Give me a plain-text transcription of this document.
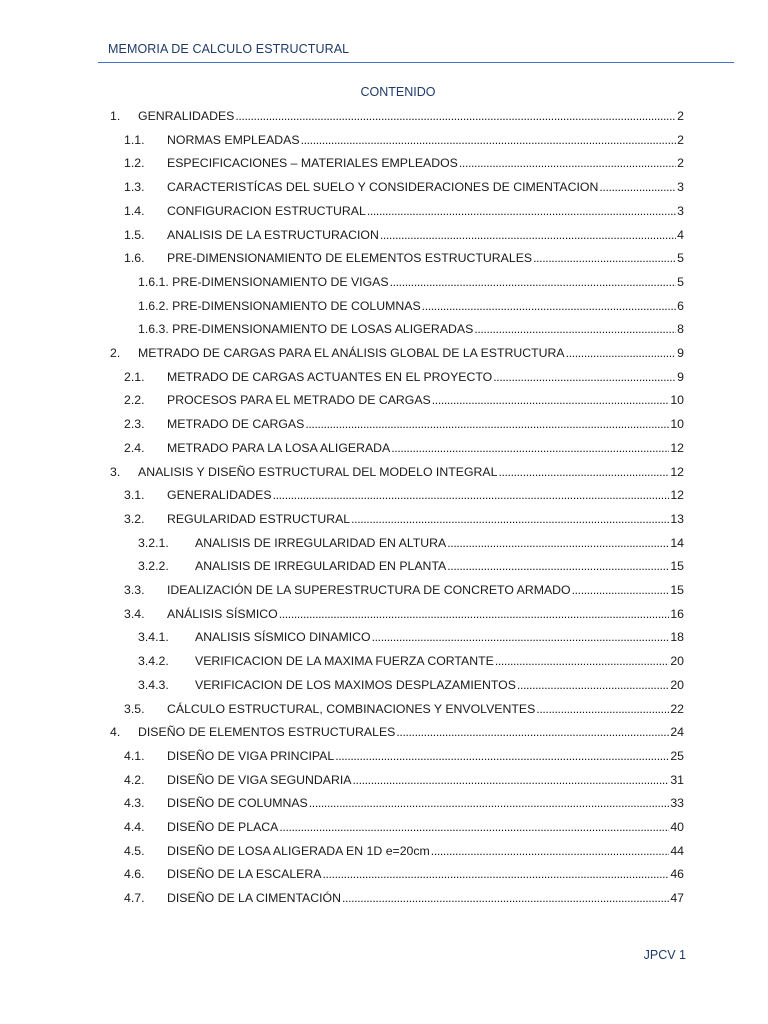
MEMORIA DE CALCULO ESTRUCTURAL
CONTENIDO
1.	GENRALIDADES . . .	2
1.1.	NORMAS EMPLEADAS . . .	2
1.2.	ESPECIFICACIONES – MATERIALES EMPLEADOS . . .	2
1.3.	CARACTERISTÍCAS DEL SUELO Y CONSIDERACIONES DE CIMENTACION . . .	3
1.4.	CONFIGURACION ESTRUCTURAL . . .	3
1.5.	ANALISIS DE LA ESTRUCTURACION . . .	4
1.6.	PRE-DIMENSIONAMIENTO DE ELEMENTOS ESTRUCTURALES . . .	5
1.6.1. PRE-DIMENSIONAMIENTO DE VIGAS . . .	5
1.6.2. PRE-DIMENSIONAMIENTO DE COLUMNAS . . .	6
1.6.3. PRE-DIMENSIONAMIENTO DE LOSAS ALIGERADAS . . .	8
2.	METRADO DE CARGAS PARA EL ANÁLISIS GLOBAL DE LA ESTRUCTURA . . .	9
2.1.	METRADO DE CARGAS ACTUANTES EN EL PROYECTO . . .	9
2.2.	PROCESOS PARA EL METRADO DE CARGAS . . .	10
2.3.	METRADO DE CARGAS . . .	10
2.4.	METRADO PARA LA LOSA ALIGERADA . . .	12
3.	ANALISIS Y DISEÑO ESTRUCTURAL DEL MODELO INTEGRAL . . .	12
3.1.	GENERALIDADES . . .	12
3.2.	REGULARIDAD ESTRUCTURAL . . .	13
3.2.1.	ANALISIS DE IRREGULARIDAD EN ALTURA . . .	14
3.2.2.	ANALISIS DE IRREGULARIDAD EN PLANTA . . .	15
3.3.	IDEALIZACIÓN DE LA SUPERESTRUCTURA DE CONCRETO ARMADO . . .	15
3.4.	ANÁLISIS SÍSMICO . . .	16
3.4.1.	ANALISIS SÍSMICO DINAMICO . . .	18
3.4.2.	VERIFICACION DE LA MAXIMA FUERZA CORTANTE . . .	20
3.4.3.	VERIFICACION DE LOS MAXIMOS DESPLAZAMIENTOS . . .	20
3.5.	CÁLCULO ESTRUCTURAL, COMBINACIONES Y ENVOLVENTES . . .	22
4.	DISEÑO DE ELEMENTOS ESTRUCTURALES . . .	24
4.1.	DISEÑO DE VIGA PRINCIPAL . . .	25
4.2.	DISEÑO DE VIGA SEGUNDARIA . . .	31
4.3.	DISEÑO DE COLUMNAS . . .	33
4.4.	DISEÑO DE PLACA . . .	40
4.5.	DISEÑO DE LOSA ALIGERADA EN 1D e=20cm . . .	44
4.6.	DISEÑO DE LA ESCALERA . . .	46
4.7.	DISEÑO DE LA CIMENTACIÓN . . .	47
JPCV 1
